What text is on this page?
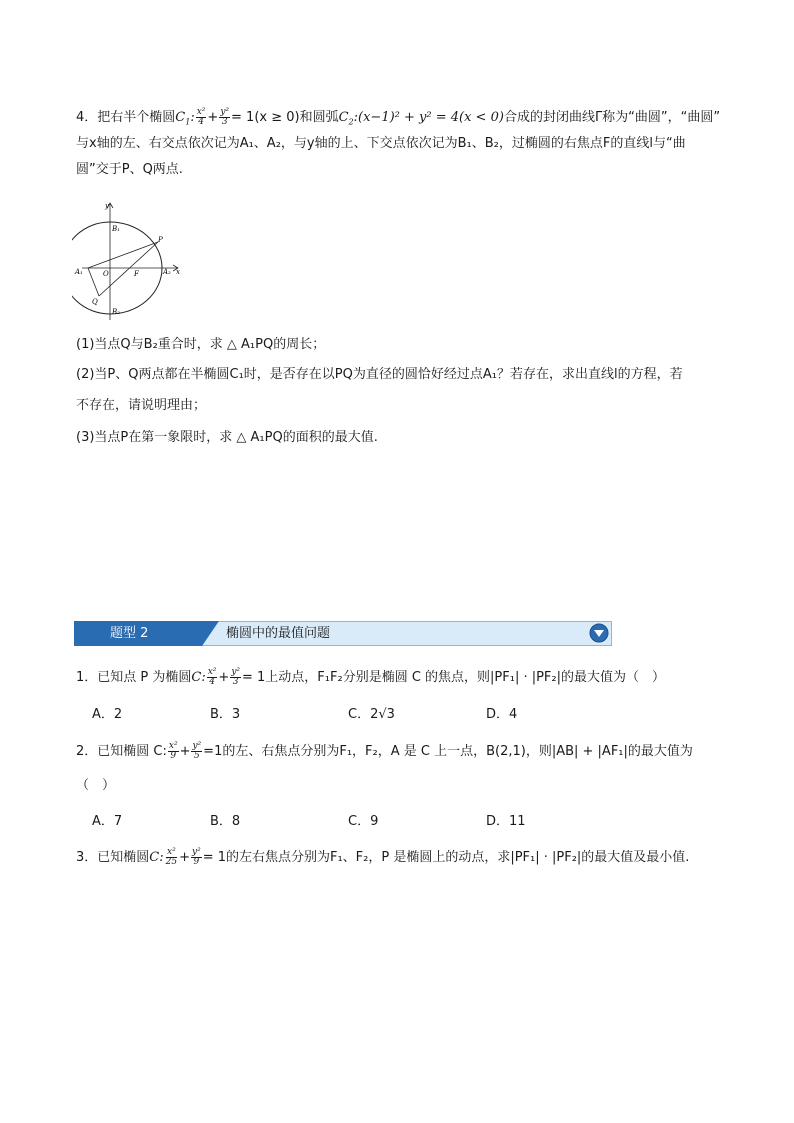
4．把右半个椭圆$C_1$: $\frac{\text{x²}}{4} + \frac{\text{y²}}{3} = 1(x \ge 0)$和圆弧$C_2:(x-1)^2 + y^2 = 4(x < 0)$合成的封闭曲线Γ称为“曲圆”，“曲圆”
与x轴的左、右交点依次记为A₁、A₂，与y轴的上、下交点依次记为B₁、B₂，过椭圆的右焦点F的直线l与“曲
圆”交于P、Q两点.
y
x
B₁
B₂
A₁	A₂
O	F
P
Q
(1)当点Q与B₂重合时，求 △ A₁PQ的周长；
(2)当P、Q两点都在半椭圆C₁时，是否存在以PQ为直径的圆恰好经过点A₁？若存在，求出直线l的方程，若
不存在，请说明理由；
(3)当点P在第一象限时，求 △ A₁PQ的面积的最大值.
题型 2	椭圆中的最值问题
1．已知点 P 为椭圆C: $\frac{\text{x²}}{4} + \frac{\text{y²}}{3} = 1$上动点，F₁F₂分别是椭圆 C 的焦点，则|PF₁| · |PF₂|的最大值为（　）
A．2	B．3	C．2√3	D．4
2．已知椭圆 C: $\frac{\text{x²}}{9} + \frac{\text{y²}}{5} =1$的左、右焦点分别为F₁，F₂，A 是 C 上一点，B(2,1)，则|AB| + |AF₁|的最大值为
（　）
A．7	B．8	C．9	D．11
3．已知椭圆C: $\frac{\text{x²}}{25} + \frac{\text{y²}}{9} = 1$的左右焦点分别为F₁、F₂，P 是椭圆上的动点，求|PF₁| · |PF₂|的最大值及最小值.
